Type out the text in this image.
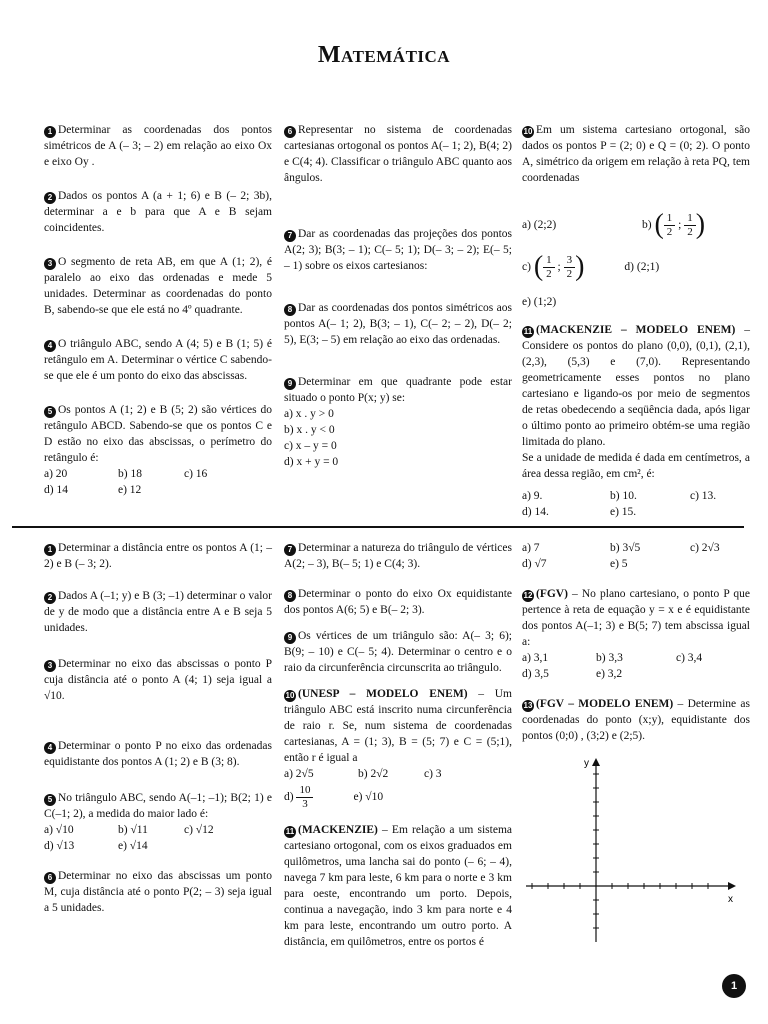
Matemática
1 Determinar as coordenadas dos pontos simétricos de A (– 3; – 2) em relação ao eixo Ox e eixo Oy .
2 Dados os pontos A (a + 1; 6) e B (– 2; 3b), determinar a e b para que A e B sejam coincidentes.
3 O segmento de reta AB, em que A (1; 2), é paralelo ao eixo das ordenadas e mede 5 unidades. Determinar as coordenadas do ponto B, sabendo-se que ele está no 4º quadrante.
4 O triângulo ABC, sendo A (4; 5) e B (1; 5) é retângulo em A. Determinar o vértice C sabendo-se que ele é um ponto do eixo das abscissas.
5 Os pontos A (1; 2) e B (5; 2) são vértices do retângulo ABCD. Sabendo-se que os pontos C e D estão no eixo das abscissas, o perímetro do retângulo é:
a) 20	b) 18	c) 16
d) 14	e) 12
6 Representar no sistema de coordenadas cartesianas ortogonal os pontos A(– 1; 2), B(4; 2) e C(4; 4). Classificar o triângulo ABC quanto aos ângulos.
7 Dar as coordenadas das projeções dos pontos A(2; 3); B(3; – 1); C(– 5; 1); D(– 3; – 2); E(– 5; – 1) sobre os eixos cartesianos:
8 Dar as coordenadas dos pontos simétricos aos pontos A(– 1; 2), B(3; – 1), C(– 2; – 2), D(– 2; 5), E(3; – 5) em relação ao eixo das ordenadas.
9 Determinar em que quadrante pode estar situado o ponto P(x; y) se:
a) x . y > 0
b) x . y < 0
c) x – y = 0
d) x + y = 0
10 Em um sistema cartesiano ortogonal, são dados os pontos P = (2; 0) e Q = (0; 2). O ponto A, simétrico da origem em relação à reta PQ, tem coordenadas
a) (2;2)	b)
( $\frac{1}{2}$ ; $\frac{1}{2}$ )
c)
( $\frac{1}{2}$ ; $\frac{3}{2}$ )	d) (2;1)
e) (1;2)
11 (MACKENZIE – MODELO ENEM) – Considere os pontos do plano (0,0), (0,1), (2,1), (2,3), (5,3) e (7,0). Representando geometricamente esses pontos no plano cartesiano e ligando-os por meio de segmentos de retas obedecendo a seqüência dada, após ligar o último ponto ao primeiro obtém-se uma região limitada do plano.
Se a unidade de medida é dada em centímetros, a área dessa região, em cm², é:
a) 9.	b) 10.	c) 13.
d) 14.	e) 15.
1 Determinar a distância entre os pontos A (1; – 2) e B (– 3; 2).
2 Dados A (–1; y) e B (3; –1) determinar o valor de y de modo que a distância entre A e B seja 5 unidades.
3 Determinar no eixo das abscissas o ponto P cuja distância até o ponto A (4; 1) seja igual a √10.
4 Determinar o ponto P no eixo das ordenadas equidistante dos pontos A (1; 2) e B (3; 8).
5 No triângulo ABC, sendo A(–1; –1); B(2; 1) e C(–1; 2), a medida do maior lado é:
a) √10	b) √11	c) √12
d) √13	e) √14
6 Determinar no eixo das abscissas um ponto M, cuja distância até o ponto P(2; – 3) seja igual a 5 unidades.
7 Determinar a natureza do triângulo de vértices A(2; – 3), B(– 5; 1) e C(4; 3).
8 Determinar o ponto do eixo Ox equidistante dos pontos A(6; 5) e B(– 2; 3).
9 Os vértices de um triângulo são: A(– 3; 6); B(9; – 10) e C(– 5; 4). Determinar o centro e o raio da circunferência circunscrita ao triângulo.
10 (UNESP – MODELO ENEM) – Um triângulo ABC está inscrito numa circunferência de raio r. Se, num sistema de coordenadas cartesianas, A = (1; 3), B = (5; 7) e C = (5;1), então r é igual a
a) 2√5	b) 2√2	c) 3
d)
$\frac{10}{3}$	e) √10
11 (MACKENZIE) – Em relação a um sistema cartesiano ortogonal, com os eixos graduados em quilômetros, uma lancha sai do ponto (– 6; – 4), navega 7 km para leste, 6 km para o norte e 3 km para oeste, encontrando um porto. Depois, continua a navegação, indo 3 km para norte e 4 km para leste, encontrando um outro porto. A distância, em quilômetros, entre os portos é
a) 7	b) 3√5	c) 2√3
d) √7	e) 5
12 (FGV) – No plano cartesiano, o ponto P que pertence à reta de equação y = x e é equidistante dos pontos A(–1; 3) e B(5; 7) tem abscissa igual a:
a) 3,1	b) 3,3	c) 3,4
d) 3,5	e) 3,2
13 (FGV – MODELO ENEM) – Determine as coordenadas do ponto (x;y), equidistante dos pontos (0;0) , (3;2) e (2;5).
x
y
1
